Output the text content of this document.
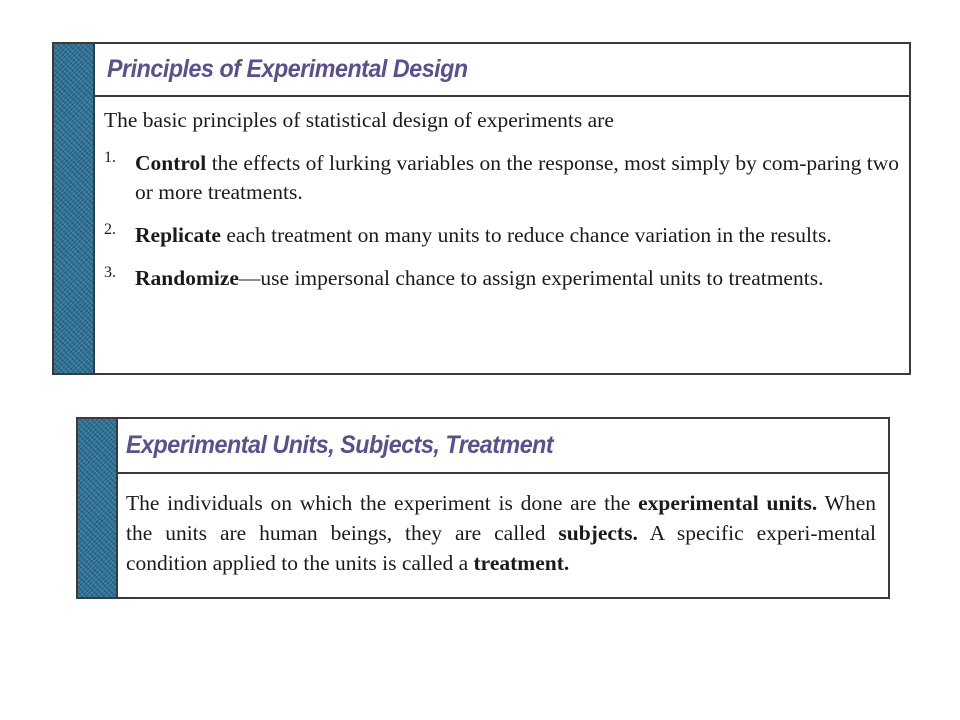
Principles of Experimental Design

The basic principles of statistical design of experiments are

1. Control the effects of lurking variables on the response, most simply by com-paring two or more treatments.

2. Replicate each treatment on many units to reduce chance variation in the results.

3. Randomize—use impersonal chance to assign experimental units to treatments.

Experimental Units, Subjects, Treatment

The individuals on which the experiment is done are the experimental units. When the units are human beings, they are called subjects. A specific experi-mental condition applied to the units is called a treatment.
